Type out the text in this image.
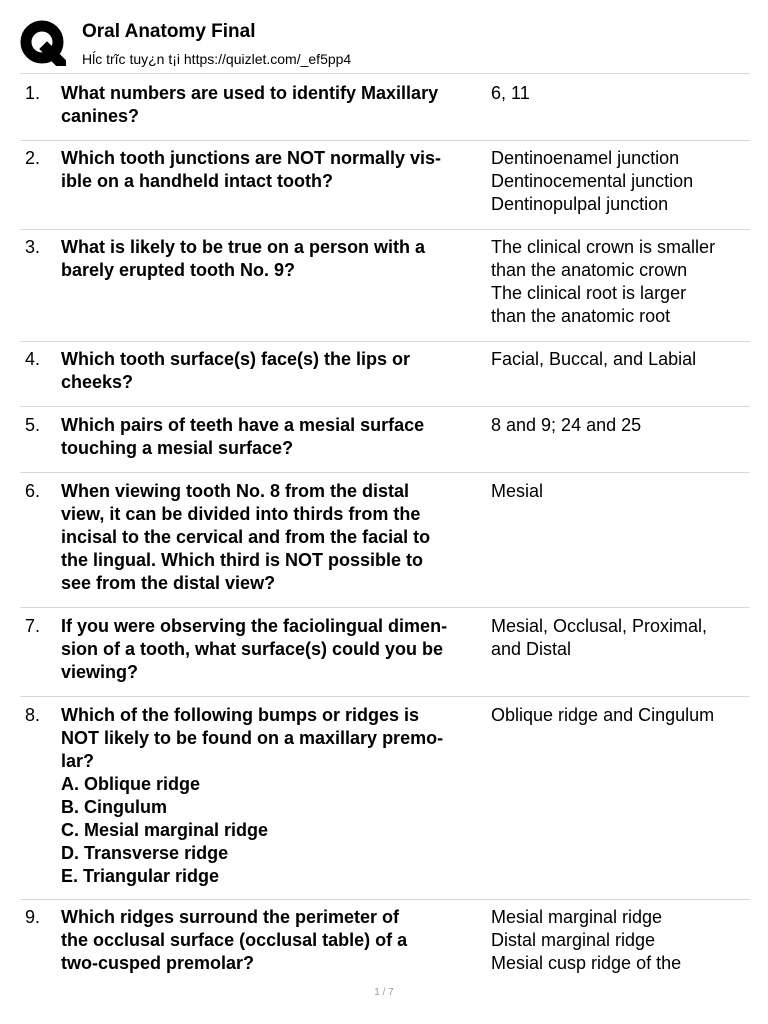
Oral Anatomy Final
Hĺc trĩc tuy¿n t¡i https://quizlet.com/_ef5pp4
1. What numbers are used to identify Maxillary
canines?
6, 11
2. Which tooth junctions are NOT normally vis-
ible on a handheld intact tooth?
Dentinoenamel junction
Dentinocemental junction
Dentinopulpal junction
3. What is likely to be true on a person with a
barely erupted tooth No. 9?
The clinical crown is smaller
than the anatomic crown
The clinical root is larger
than the anatomic root
4. Which tooth surface(s) face(s) the lips or
cheeks?
Facial, Buccal, and Labial
5. Which pairs of teeth have a mesial surface
touching a mesial surface?
8 and 9; 24 and 25
6. When viewing tooth No. 8 from the distal
view, it can be divided into thirds from the
incisal to the cervical and from the facial to
the lingual. Which third is NOT possible to
see from the distal view?
Mesial
7. If you were observing the faciolingual dimen-
sion of a tooth, what surface(s) could you be
viewing?
Mesial, Occlusal, Proximal,
and Distal
8. Which of the following bumps or ridges is
NOT likely to be found on a maxillary premo-
lar?
A. Oblique ridge
B. Cingulum
C. Mesial marginal ridge
D. Transverse ridge
E. Triangular ridge
Oblique ridge and Cingulum
9. Which ridges surround the perimeter of
the occlusal surface (occlusal table) of a
two-cusped premolar?
Mesial marginal ridge
Distal marginal ridge
Mesial cusp ridge of the
1 / 7
